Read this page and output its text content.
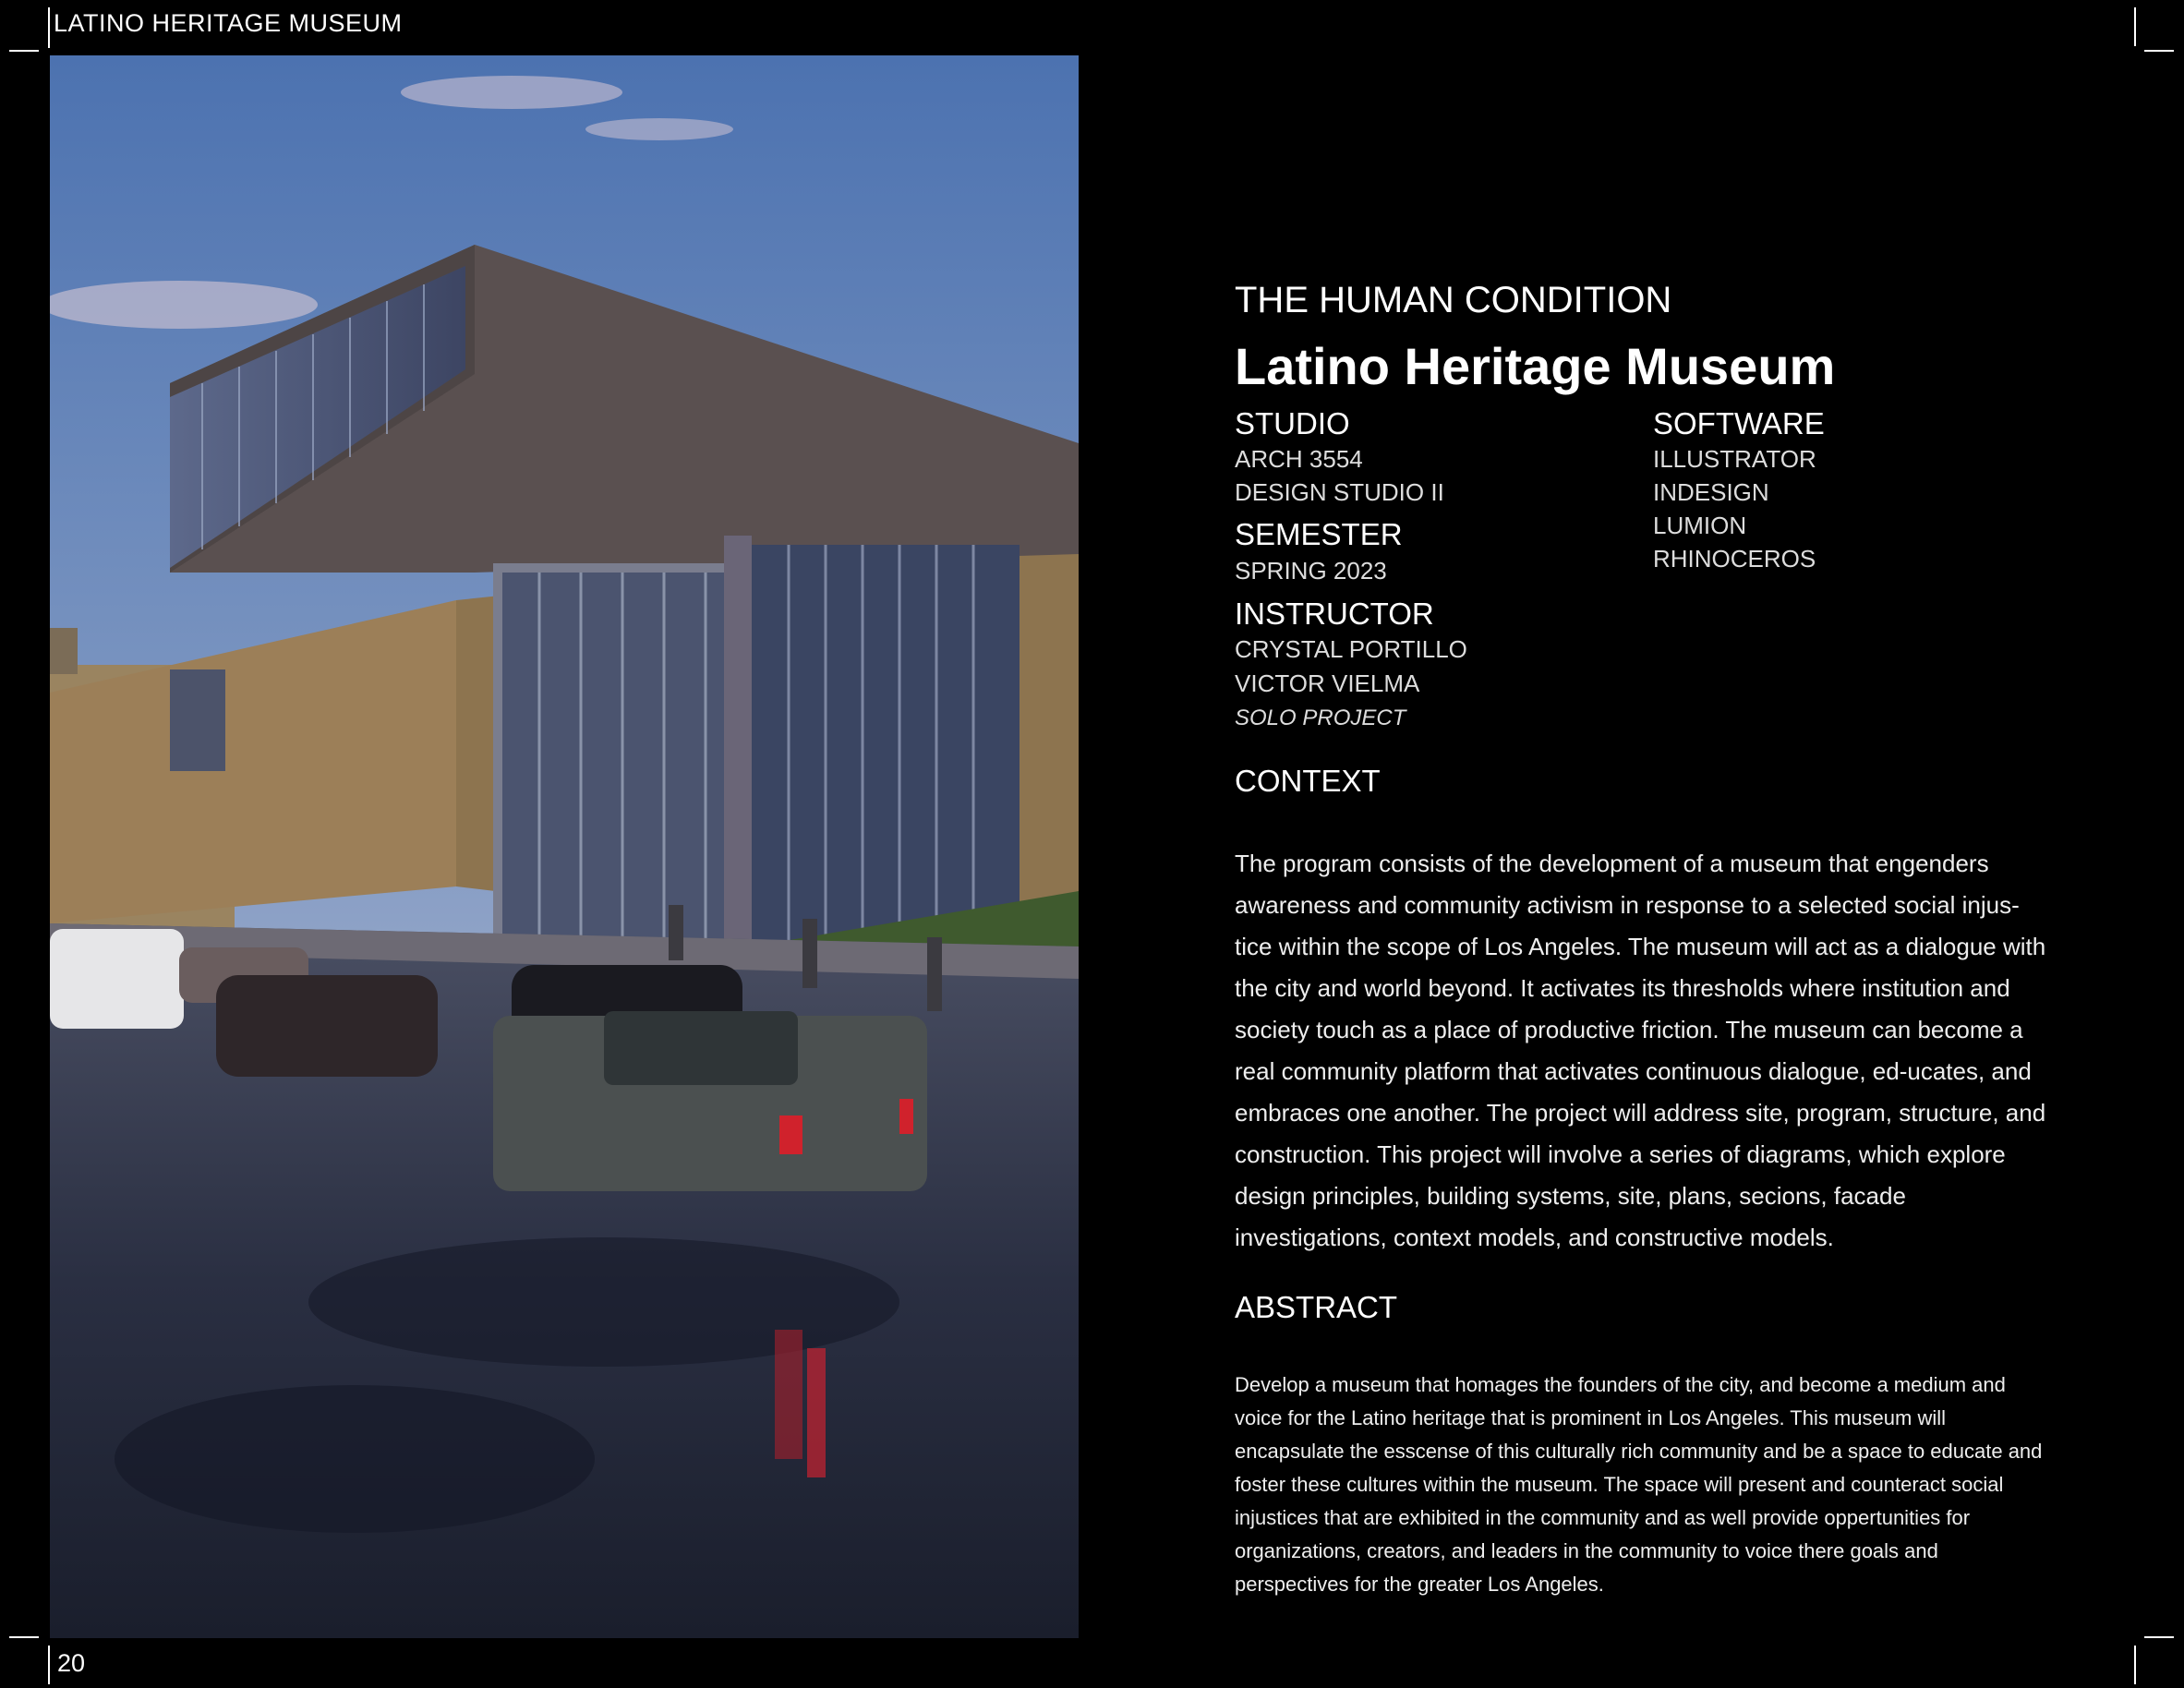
LATINO HERITAGE MUSEUM
20
THE HUMAN CONDITION
Latino Heritage Museum
STUDIO
ARCH 3554
DESIGN STUDIO II
SEMESTER
SPRING 2023
INSTRUCTOR
CRYSTAL PORTILLO
VICTOR VIELMA
SOLO PROJECT
SOFTWARE
ILLUSTRATOR
INDESIGN
LUMION
RHINOCEROS
CONTEXT
The program consists of the development of a museum that engenders awareness and community activism in response to a selected social injus-tice within the scope of Los Angeles. The museum will act as a dialogue with the city and world beyond. It activates its thresholds where institution and society touch as a place of productive friction. The museum can become a real community platform that activates continuous dialogue, ed-ucates, and embraces one another. The project will address site, program, structure, and construction. This project will involve a series of diagrams, which explore design principles, building systems, site, plans, secions, facade investigations, context models, and constructive models.
ABSTRACT
Develop a museum that homages the founders of the city, and become a medium and voice for the Latino heritage that is prominent in Los Angeles. This museum will encapsulate the esscense of this culturally rich community and be a space to educate and foster these cultures within the museum. The space will present and counteract social injustices that are exhibited in the community and as well provide oppertunities for organizations, creators, and leaders in the community to voice there goals and perspectives for the greater Los Angeles.
